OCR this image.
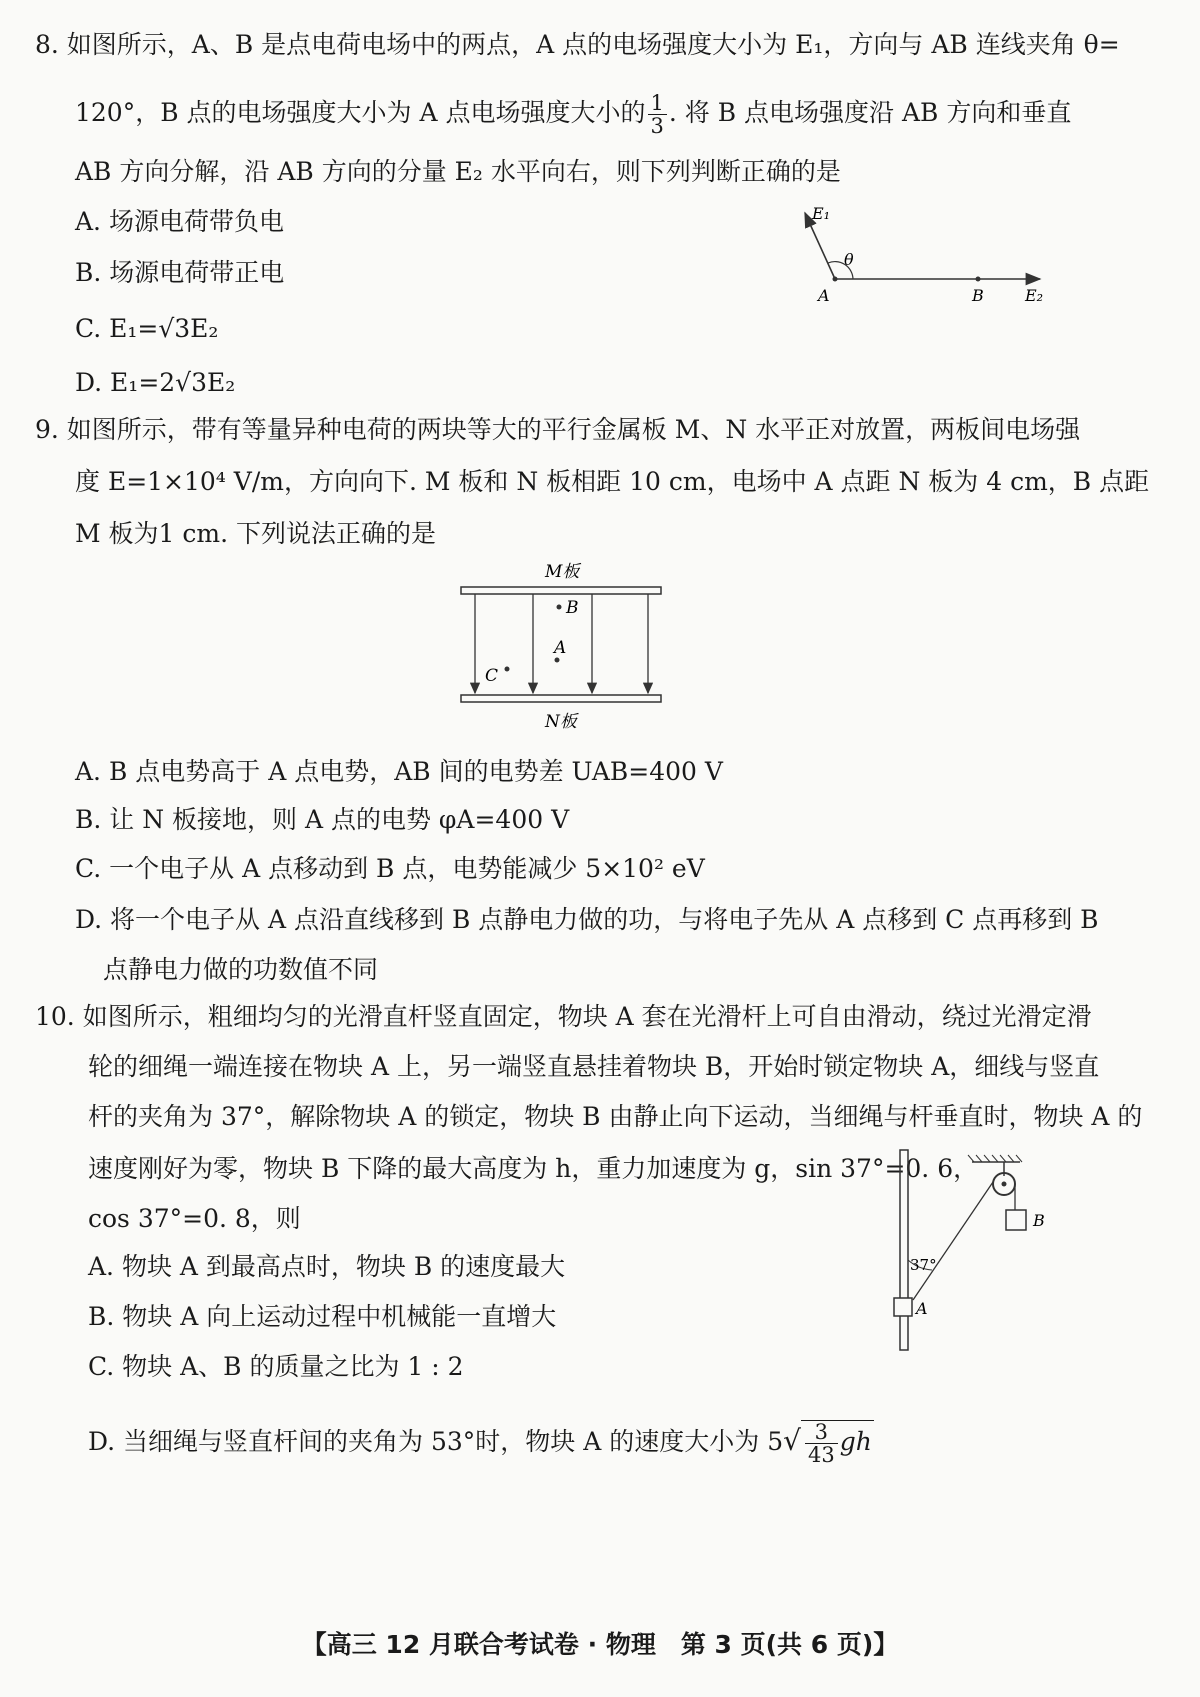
8. 如图所示，A、B 是点电荷电场中的两点，A 点的电场强度大小为 E₁，方向与 AB 连线夹角 θ=
120°，B 点的电场强度大小为 A 点电场强度大小的 $\frac{1}{3}$ . 将 B 点电场强度沿 AB 方向和垂直
AB 方向分解，沿 AB 方向的分量 E₂ 水平向右，则下列判断正确的是
A. 场源电荷带负电
B. 场源电荷带正电
C. E₁=√3E₂
D. E₁=2√3E₂
E₁
θ
A	B	E₂
9. 如图所示，带有等量异种电荷的两块等大的平行金属板 M、N 水平正对放置，两板间电场强
度 E=1×10⁴ V/m，方向向下. M 板和 N 板相距 10 cm，电场中 A 点距 N 板为 4 cm，B 点距
M 板为1 cm. 下列说法正确的是
M板
B
A
C
N板
A. B 点电势高于 A 点电势，AB 间的电势差 UAB=400 V
B. 让 N 板接地，则 A 点的电势 φA=400 V
C. 一个电子从 A 点移动到 B 点，电势能减少 5×10² eV
D. 将一个电子从 A 点沿直线移到 B 点静电力做的功，与将电子先从 A 点移到 C 点再移到 B
点静电力做的功数值不同
10. 如图所示，粗细均匀的光滑直杆竖直固定，物块 A 套在光滑杆上可自由滑动，绕过光滑定滑
轮的细绳一端连接在物块 A 上，另一端竖直悬挂着物块 B，开始时锁定物块 A，细线与竖直
杆的夹角为 37°，解除物块 A 的锁定，物块 B 由静止向下运动，当细绳与杆垂直时，物块 A 的
速度刚好为零，物块 B 下降的最大高度为 h，重力加速度为 g，sin 37°=0. 6，
cos 37°=0. 8，则
A. 物块 A 到最高点时，物块 B 的速度最大
B. 物块 A 向上运动过程中机械能一直增大
C. 物块 A、B 的质量之比为 1 : 2
D. 当细绳与竖直杆间的夹角为 53°时，物块 A 的速度大小为 $5√ \frac{3}{43}$ gh
B
A
37°
【高三 12 月联合考试卷 · 物理　第 3 页(共 6 页)】
